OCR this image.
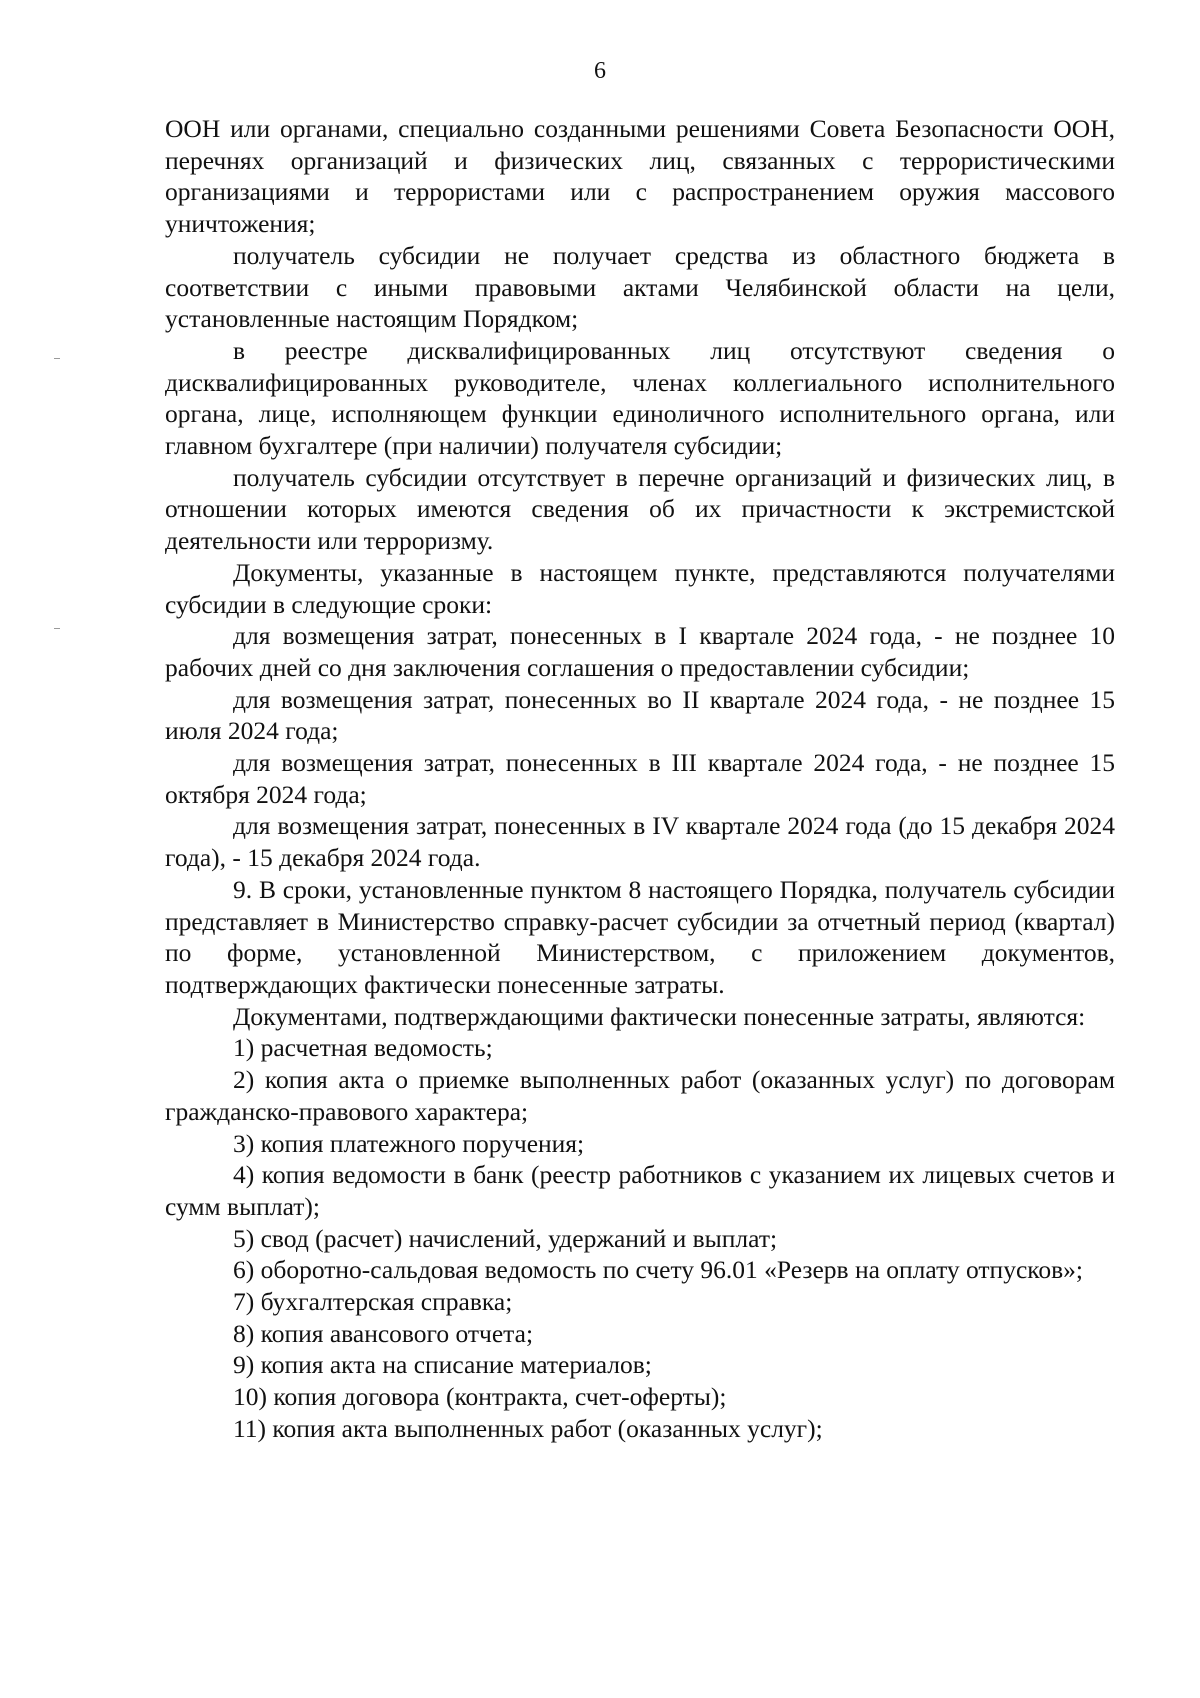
6

ООН или органами, специально созданными решениями Совета Безопасности ООН, перечнях организаций и физических лиц, связанных с террористическими организациями и террористами или с распространением оружия массового уничтожения;

получатель субсидии не получает средства из областного бюджета в соответствии с иными правовыми актами Челябинской области на цели, установленные настоящим Порядком;

в реестре дисквалифицированных лиц отсутствуют сведения о дисквалифицированных руководителе, членах коллегиального исполнительного органа, лице, исполняющем функции единоличного исполнительного органа, или главном бухгалтере (при наличии) получателя субсидии;

получатель субсидии отсутствует в перечне организаций и физических лиц, в отношении которых имеются сведения об их причастности к экстремистской деятельности или терроризму.

Документы, указанные в настоящем пункте, представляются получателями субсидии в следующие сроки:

для возмещения затрат, понесенных в I квартале 2024 года, - не позднее 10 рабочих дней со дня заключения соглашения о предоставлении субсидии;

для возмещения затрат, понесенных во II квартале 2024 года, - не позднее 15 июля 2024 года;

для возмещения затрат, понесенных в III квартале 2024 года, - не позднее 15 октября 2024 года;

для возмещения затрат, понесенных в IV квартале 2024 года (до 15 декабря 2024 года), - 15 декабря 2024 года.

9. В сроки, установленные пунктом 8 настоящего Порядка, получатель субсидии представляет в Министерство справку-расчет субсидии за отчетный период (квартал) по форме, установленной Министерством, с приложением документов, подтверждающих фактически понесенные затраты.

Документами, подтверждающими фактически понесенные затраты, являются:

1) расчетная ведомость;

2) копия акта о приемке выполненных работ (оказанных услуг) по договорам гражданско-правового характера;

3) копия платежного поручения;

4) копия ведомости в банк (реестр работников с указанием их лицевых счетов и сумм выплат);

5) свод (расчет) начислений, удержаний и выплат;

6) оборотно-сальдовая ведомость по счету 96.01 «Резерв на оплату отпусков»;

7) бухгалтерская справка;

8) копия авансового отчета;

9) копия акта на списание материалов;

10) копия договора (контракта, счет-оферты);

11) копия акта выполненных работ (оказанных услуг);
